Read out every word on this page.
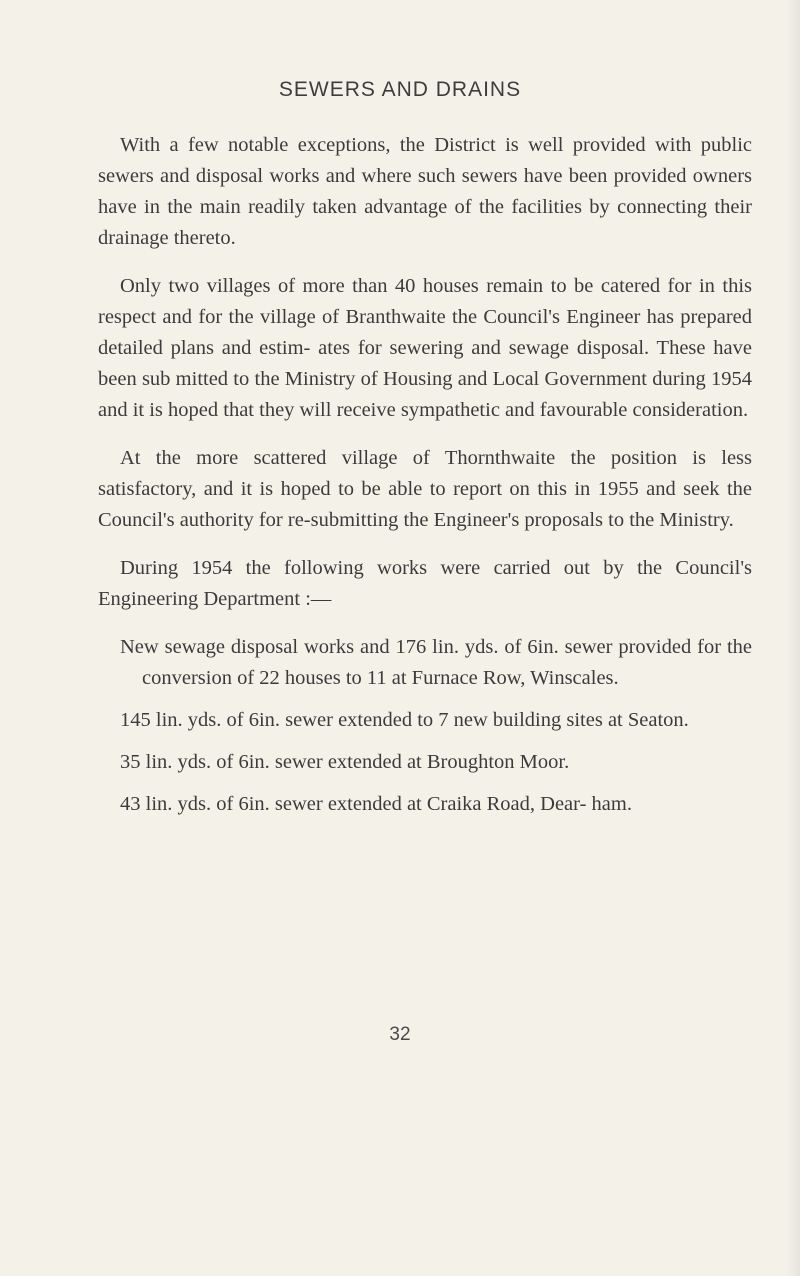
SEWERS AND DRAINS

With a few notable exceptions, the District is well provided with public sewers and disposal works and where such sewers have been provided owners have in the main readily taken advantage of the facilities by connecting their drainage thereto.

Only two villages of more than 40 houses remain to be catered for in this respect and for the village of Branthwaite the Council's Engineer has prepared detailed plans and estim- ates for sewering and sewage disposal. These have been sub mitted to the Ministry of Housing and Local Government during 1954 and it is hoped that they will receive sympathetic and favourable consideration.

At the more scattered village of Thornthwaite the position is less satisfactory, and it is hoped to be able to report on this in 1955 and seek the Council's authority for re-submitting the Engineer's proposals to the Ministry.

During 1954 the following works were carried out by the Council's Engineering Department :—

New sewage disposal works and 176 lin. yds. of 6in. sewer provided for the conversion of 22 houses to 11 at Furnace Row, Winscales.
145 lin. yds. of 6in. sewer extended to 7 new building sites at Seaton.
35 lin. yds. of 6in. sewer extended at Broughton Moor.
43 lin. yds. of 6in. sewer extended at Craika Road, Dear- ham.
32
